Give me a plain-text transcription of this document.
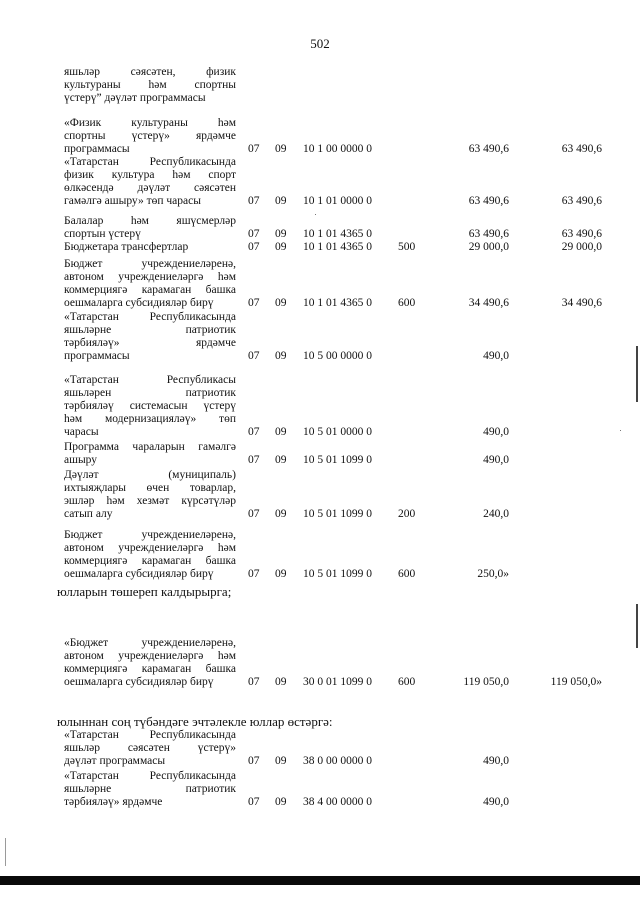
502
яшьләр сәясәтен, физик
культураны һәм спортны
үстерү” дәүләт программасы
«Физик культураны һәм
спортны үстерү» ярдәмче
программасы	07 09 10 1 00 0000 0	63 490,6	63 490,6
«Татарстан Республикасында
физик культура һәм спорт
өлкәсендә дәүләт сәясәтен
гамәлгә ашыру» төп чарасы	07 09 10 1 01 0000 0	63 490,6	63 490,6
Балалар һәм яшүсмерләр
спортын үстерү	07 09 10 1 01 4365 0	63 490,6	63 490,6
Бюджетара трансфертлар	07 09 10 1 01 4365 0 500	29 000,0	29 000,0
Бюджет учреждениеләренә,
автоном учреждениеләргә һәм
коммерциягә карамаган башка
оешмаларга субсидияләр бирү	07 09 10 1 01 4365 0 600	34 490,6	34 490,6
«Татарстан Республикасында
яшьләрне патриотик
тәрбияләү» ярдәмче
программасы	07 09 10 5 00 0000 0	490,0
«Татарстан Республикасы
яшьләрен патриотик
тәрбияләү системасын үстерү
һәм модернизацияләү» төп
чарасы	07 09 10 5 01 0000 0	490,0
Программа чараларын гамәлгә
ашыру	07 09 10 5 01 1099 0	490,0
Дәүләт (муниципаль)
ихтыяҗлары өчен товарлар,
эшләр һәм хезмәт күрсәтүләр
сатып алу	07 09 10 5 01 1099 0 200	240,0
Бюджет учреждениеләренә,
автоном учреждениеләргә һәм
коммерциягә карамаган башка
оешмаларга субсидияләр бирү	07 09 10 5 01 1099 0 600	250,0»
«Бюджет учреждениеләренә,
автоном учреждениеләргә һәм
коммерциягә карамаган башка
оешмаларга субсидияләр бирү	07 09 30 0 01 1099 0 600	119 050,0	119 050,0»
«Татарстан Республикасында
яшьләр сәясәтен үстерү»
дәүләт программасы	07 09 38 0 00 0000 0	490,0
«Татарстан Республикасында
яшьләрне патриотик
тәрбияләү» ярдәмче	07 09 38 4 00 0000 0	490,0
юлларын төшереп калдырырга;
юлыннан соң түбәндәге эчтәлекле юллар өстәргә:
